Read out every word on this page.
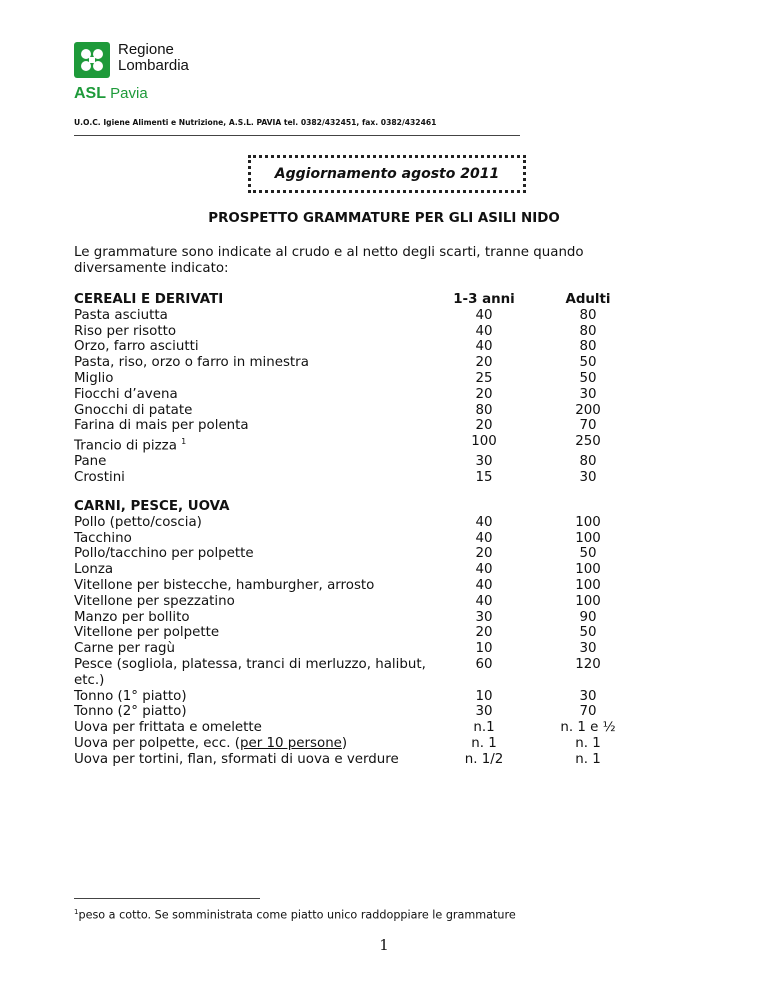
Regione
Lombardia
ASL Pavia
U.O.C. Igiene Alimenti e Nutrizione, A.S.L. PAVIA tel. 0382/432451, fax. 0382/432461
Aggiornamento agosto 2011
PROSPETTO GRAMMATURE PER GLI ASILI NIDO
Le grammature sono indicate al crudo e al netto degli scarti, tranne quando diversamente indicato:
CEREALI E DERIVATI	1-3 anni	Adulti
Pasta asciutta	40	80
Riso per risotto	40	80
Orzo, farro asciutti	40	80
Pasta, riso, orzo o farro in minestra	20	50
Miglio	25	50
Fiocchi d’avena	20	30
Gnocchi di patate	80	200
Farina di mais per polenta	20	70
Trancio di pizza $^1$	100	250
Pane	30	80
Crostini	15	30
CARNI, PESCE, UOVA
Pollo (petto/coscia)	40	100
Tacchino	40	100
Pollo/tacchino per polpette	20	50
Lonza	40	100
Vitellone per bistecche, hamburgher, arrosto	40	100
Vitellone per spezzatino	40	100
Manzo per bollito	30	90
Vitellone per polpette	20	50
Carne per ragù	10	30
Pesce (sogliola, platessa, tranci di merluzzo, halibut,	60	120
etc.)
Tonno (1° piatto)	10	30
Tonno (2° piatto)	30	70
Uova per frittata e omelette	n.1	n. 1 e ½
Uova per polpette, ecc. (per 10 persone)	n. 1	n. 1
Uova per tortini, flan, sformati di uova e verdure	n. 1/2	n. 1
$^1$peso a cotto. Se somministrata come piatto unico raddoppiare le grammature
1
